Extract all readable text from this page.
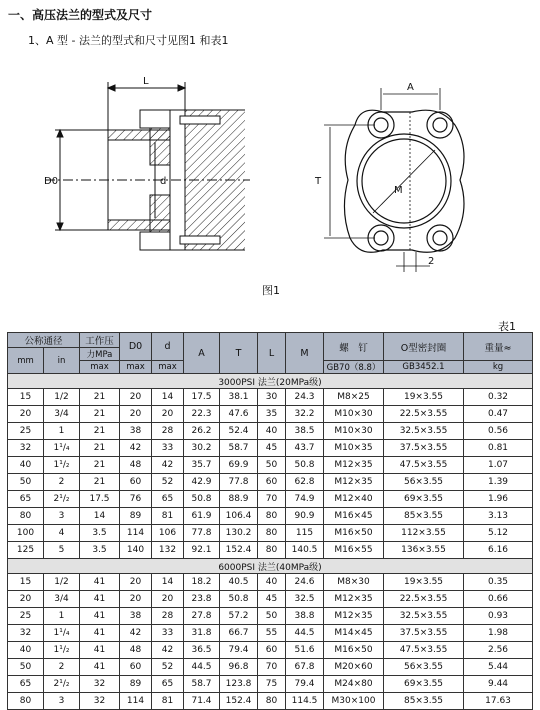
一、高压法兰的型式及尺寸
1、A 型 - 法兰的型式和尺寸见图1 和表1
L
D0	d
A
T
M
2
图1
表1
公称通径		工作压	D0	d	A	T	L	M	螺　钉	O型密封圈	重量≈
mm	in	力MPa									
		max	max	max					GB70（8.8）	GB3452.1	kg
3000PSI 法兰(20MPa级)											
15	1/2	21	20	14	17.5	38.1	30	24.3	M8×25	19×3.55	0.32
20	3/4	21	20	20	22.3	47.6	35	32.2	M10×30	22.5×3.55	0.47
25	1	21	38	28	26.2	52.4	40	38.5	M10×30	32.5×3.55	0.56
32	1¹/₄	21	42	33	30.2	58.7	45	43.7	M10×35	37.5×3.55	0.81
40	1¹/₂	21	48	42	35.7	69.9	50	50.8	M12×35	47.5×3.55	1.07
50	2	21	60	52	42.9	77.8	60	62.8	M12×35	56×3.55	1.39
65	2¹/₂	17.5	76	65	50.8	88.9	70	74.9	M12×40	69×3.55	1.96
80	3	14	89	81	61.9	106.4	80	90.9	M16×45	85×3.55	3.13
100	4	3.5	114	106	77.8	130.2	80	115	M16×50	112×3.55	5.12
125	5	3.5	140	132	92.1	152.4	80	140.5	M16×55	136×3.55	6.16
6000PSI 法兰(40MPa级)											
15	1/2	41	20	14	18.2	40.5	40	24.6	M8×30	19×3.55	0.35
20	3/4	41	20	20	23.8	50.8	45	32.5	M12×35	22.5×3.55	0.66
25	1	41	38	28	27.8	57.2	50	38.8	M12×35	32.5×3.55	0.93
32	1¹/₄	41	42	33	31.8	66.7	55	44.5	M14×45	37.5×3.55	1.98
40	1¹/₂	41	48	42	36.5	79.4	60	51.6	M16×50	47.5×3.55	2.56
50	2	41	60	52	44.5	96.8	70	67.8	M20×60	56×3.55	5.44
65	2¹/₂	32	89	65	58.7	123.8	75	79.4	M24×80	69×3.55	9.44
80	3	32	114	81	71.4	152.4	80	114.5	M30×100	85×3.55	17.63
